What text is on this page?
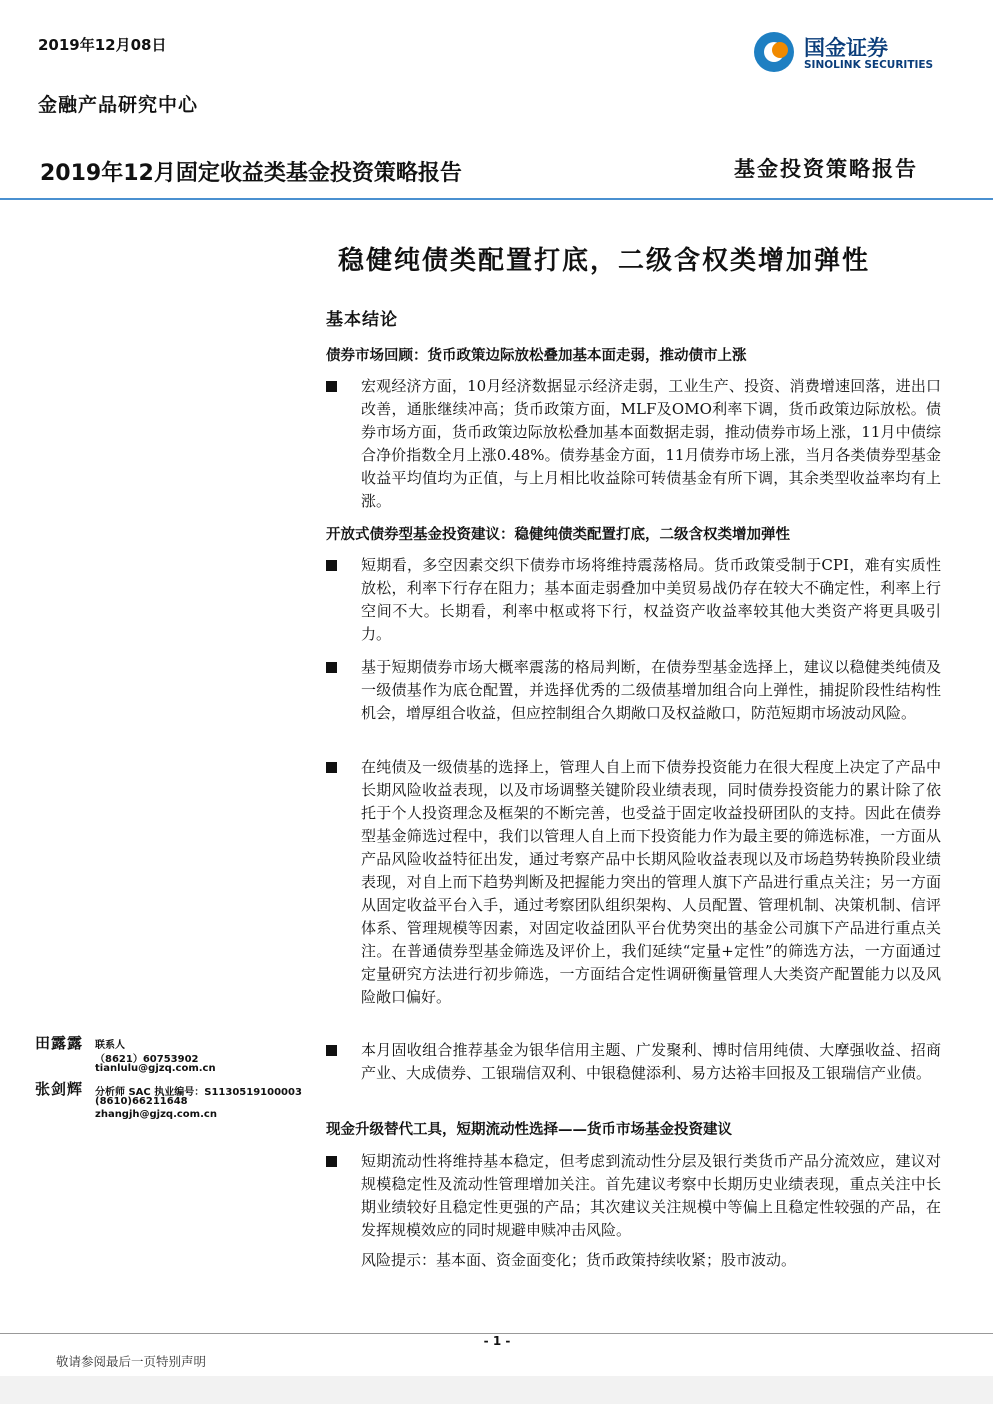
2019年12月08日
金融产品研究中心
国金证券
SINOLINK SECURITIES
2019年12月固定收益类基金投资策略报告	基金投资策略报告
稳健纯债类配置打底，二级含权类增加弹性
基本结论
债券市场回顾：货币政策边际放松叠加基本面走弱，推动债市上涨
宏观经济方面，10月经济数据显示经济走弱，工业生产、投资、消费增速回落，进出口改善，通胀继续冲高；货币政策方面，MLF及OMO利率下调，货币政策边际放松。债券市场方面，货币政策边际放松叠加基本面数据走弱，推动债券市场上涨，11月中债综合净价指数全月上涨0.48%。债券基金方面，11月债券市场上涨，当月各类债券型基金收益平均值均为正值，与上月相比收益除可转债基金有所下调，其余类型收益率均有上涨。
开放式债券型基金投资建议：稳健纯债类配置打底，二级含权类增加弹性
短期看，多空因素交织下债券市场将维持震荡格局。货币政策受制于CPI，难有实质性放松，利率下行存在阻力；基本面走弱叠加中美贸易战仍存在较大不确定性，利率上行空间不大。长期看，利率中枢或将下行，权益资产收益率较其他大类资产将更具吸引力。
基于短期债券市场大概率震荡的格局判断，在债券型基金选择上，建议以稳健类纯债及一级债基作为底仓配置，并选择优秀的二级债基增加组合向上弹性，捕捉阶段性结构性机会，增厚组合收益，但应控制组合久期敞口及权益敞口，防范短期市场波动风险。
在纯债及一级债基的选择上，管理人自上而下债券投资能力在很大程度上决定了产品中长期风险收益表现，以及市场调整关键阶段业绩表现，同时债券投资能力的累计除了依托于个人投资理念及框架的不断完善，也受益于固定收益投研团队的支持。因此在债券型基金筛选过程中，我们以管理人自上而下投资能力作为最主要的筛选标准，一方面从产品风险收益特征出发，通过考察产品中长期风险收益表现以及市场趋势转换阶段业绩表现，对自上而下趋势判断及把握能力突出的管理人旗下产品进行重点关注；另一方面从固定收益平台入手，通过考察团队组织架构、人员配置、管理机制、决策机制、信评体系、管理规模等因素，对固定收益团队平台优势突出的基金公司旗下产品进行重点关注。在普通债券型基金筛选及评价上，我们延续“定量+定性”的筛选方法，一方面通过定量研究方法进行初步筛选，一方面结合定性调研衡量管理人大类资产配置能力以及风险敞口偏好。
本月固收组合推荐基金为银华信用主题、广发聚利、博时信用纯债、大摩强收益、招商产业、大成债券、工银瑞信双利、中银稳健添利、易方达裕丰回报及工银瑞信产业债。
现金升级替代工具，短期流动性选择——货币市场基金投资建议
短期流动性将维持基本稳定，但考虑到流动性分层及银行类货币产品分流效应，建议对规模稳定性及流动性管理增加关注。首先建议考察中长期历史业绩表现，重点关注中长期业绩较好且稳定性更强的产品；其次建议关注规模中等偏上且稳定性较强的产品，在发挥规模效应的同时规避申赎冲击风险。
风险提示：基本面、资金面变化；货币政策持续收紧；股市波动。
田露露 联系人
（8621）60753902
tianlulu@gjzq.com.cn
张剑辉 分析师 SAC 执业编号：S1130519100003
(8610)66211648
zhangjh@gjzq.com.cn
- 1 -
敬请参阅最后一页特别声明
